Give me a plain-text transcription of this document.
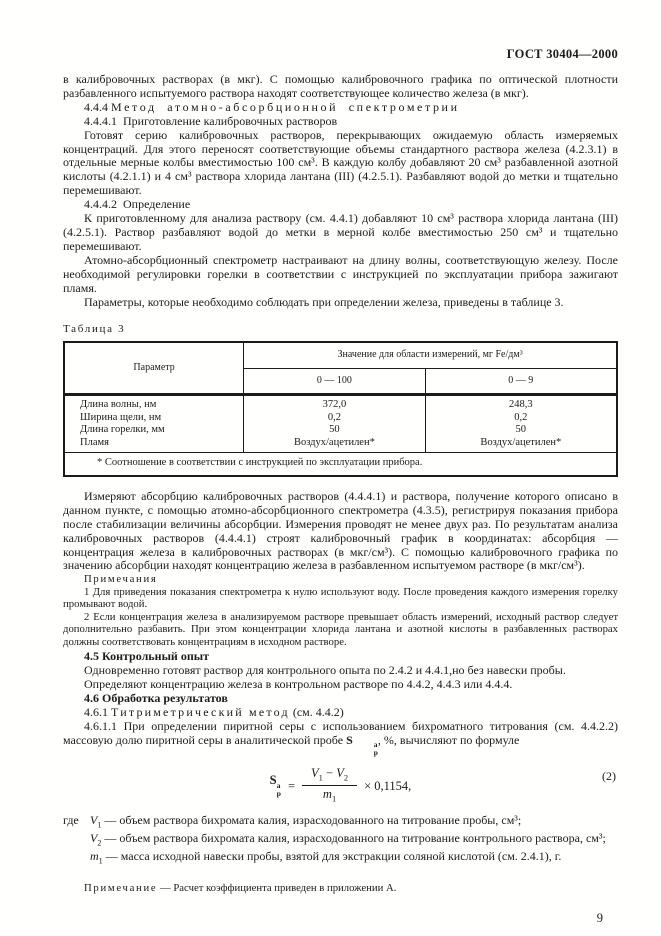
ГОСТ 30404—2000

в калибровочных растворах (в мкг). С помощью калибровочного графика по оптической плотности разбавленного испытуемого раствора находят соответствующее количество железа (в мкг).

4.4.4 Метод атомно-абсорбционной спектрометрии

4.4.4.1 Приготовление калибровочных растворов

Готовят серию калибровочных растворов, перекрывающих ожидаемую область измеряемых концентраций. Для этого переносят соответствующие объемы стандартного раствора железа (4.2.3.1) в отдельные мерные колбы вместимостью 100 см³. В каждую колбу добавляют 20 см³ разбавленной азотной кислоты (4.2.1.1) и 4 см³ раствора хлорида лантана (III) (4.2.5.1). Разбавляют водой до метки и тщательно перемешивают.

4.4.4.2 Определение

К приготовленному для анализа раствору (см. 4.4.1) добавляют 10 см³ раствора хлорида лантана (III) (4.2.5.1). Раствор разбавляют водой до метки в мерной колбе вместимостью 250 см³ и тщательно перемешивают.

Атомно-абсорбционный спектрометр настраивают на длину волны, соответствующую железу. После необходимой регулировки горелки в соответствии с инструкцией по эксплуатации прибора зажигают пламя.

Параметры, которые необходимо соблюдать при определении железа, приведены в таблице 3.

Таблица 3
Параметр	Значение для области измерений, мг Fe/дм³	
	0 — 100	0 — 9
Длина волны, нм	372,0	248,3
Ширина щели, нм	0,2	0,2
Длина горелки, мм	50	50
Пламя	Воздух/ацетилен*	Воздух/ацетилен*
* Соотношение в соответствии с инструкцией по эксплуатации прибора.		

Измеряют абсорбцию калибровочных растворов (4.4.4.1) и раствора, получение которого описано в данном пункте, с помощью атомно-абсорбционного спектрометра (4.3.5), регистрируя показания прибора после стабилизации величины абсорбции. Измерения проводят не менее двух раз. По результатам анализа калибровочных растворов (4.4.4.1) строят калибровочный график в координатах: абсорбция — концентрация железа в калибровочных растворах (в мкг/см³). С помощью калибровочного графика по значению абсорбции находят концентрацию железа в разбавленном испытуемом растворе (в мкг/см³).

Примечания

1 Для приведения показания спектрометра к нулю используют воду. После проведения каждого измерения горелку промывают водой.

2 Если концентрация железа в анализируемом растворе превышает область измерений, исходный раствор следует дополнительно разбавить. При этом концентрации хлорида лантана и азотной кислоты в разбавленных растворах должны соответствовать концентрациям в исходном растворе.

4.5 Контрольный опыт

Одновременно готовят раствор для контрольного опыта по 2.4.2 и 4.4.1,но без навески пробы.

Определяют концентрацию железа в контрольном растворе по 4.4.2, 4.4.3 или 4.4.4.

4.6 Обработка результатов

4.6.1 Титриметрический метод (см. 4.4.2)

4.6.1.1 При определении пиритной серы с использованием бихроматного титрования (см. 4.4.2.2) массовую долю пиритной серы в аналитической пробе S	а
р
, %, вычисляют по формуле

S а
р
= $\frac{V_1 - V_2}{m_1} \times 0,1154$,
(2)
где $V_1$ — объем раствора бихромата калия, израсходованного на титрование пробы, см³;
$V_2$ — объем раствора бихромата калия, израсходованного на титрование контрольного раствора, см³;
$m_1$ — масса исходной навески пробы, взятой для экстракции соляной кислотой (см. 2.4.1), г.
Примечание — Расчет коэффициента приведен в приложении А.
9
